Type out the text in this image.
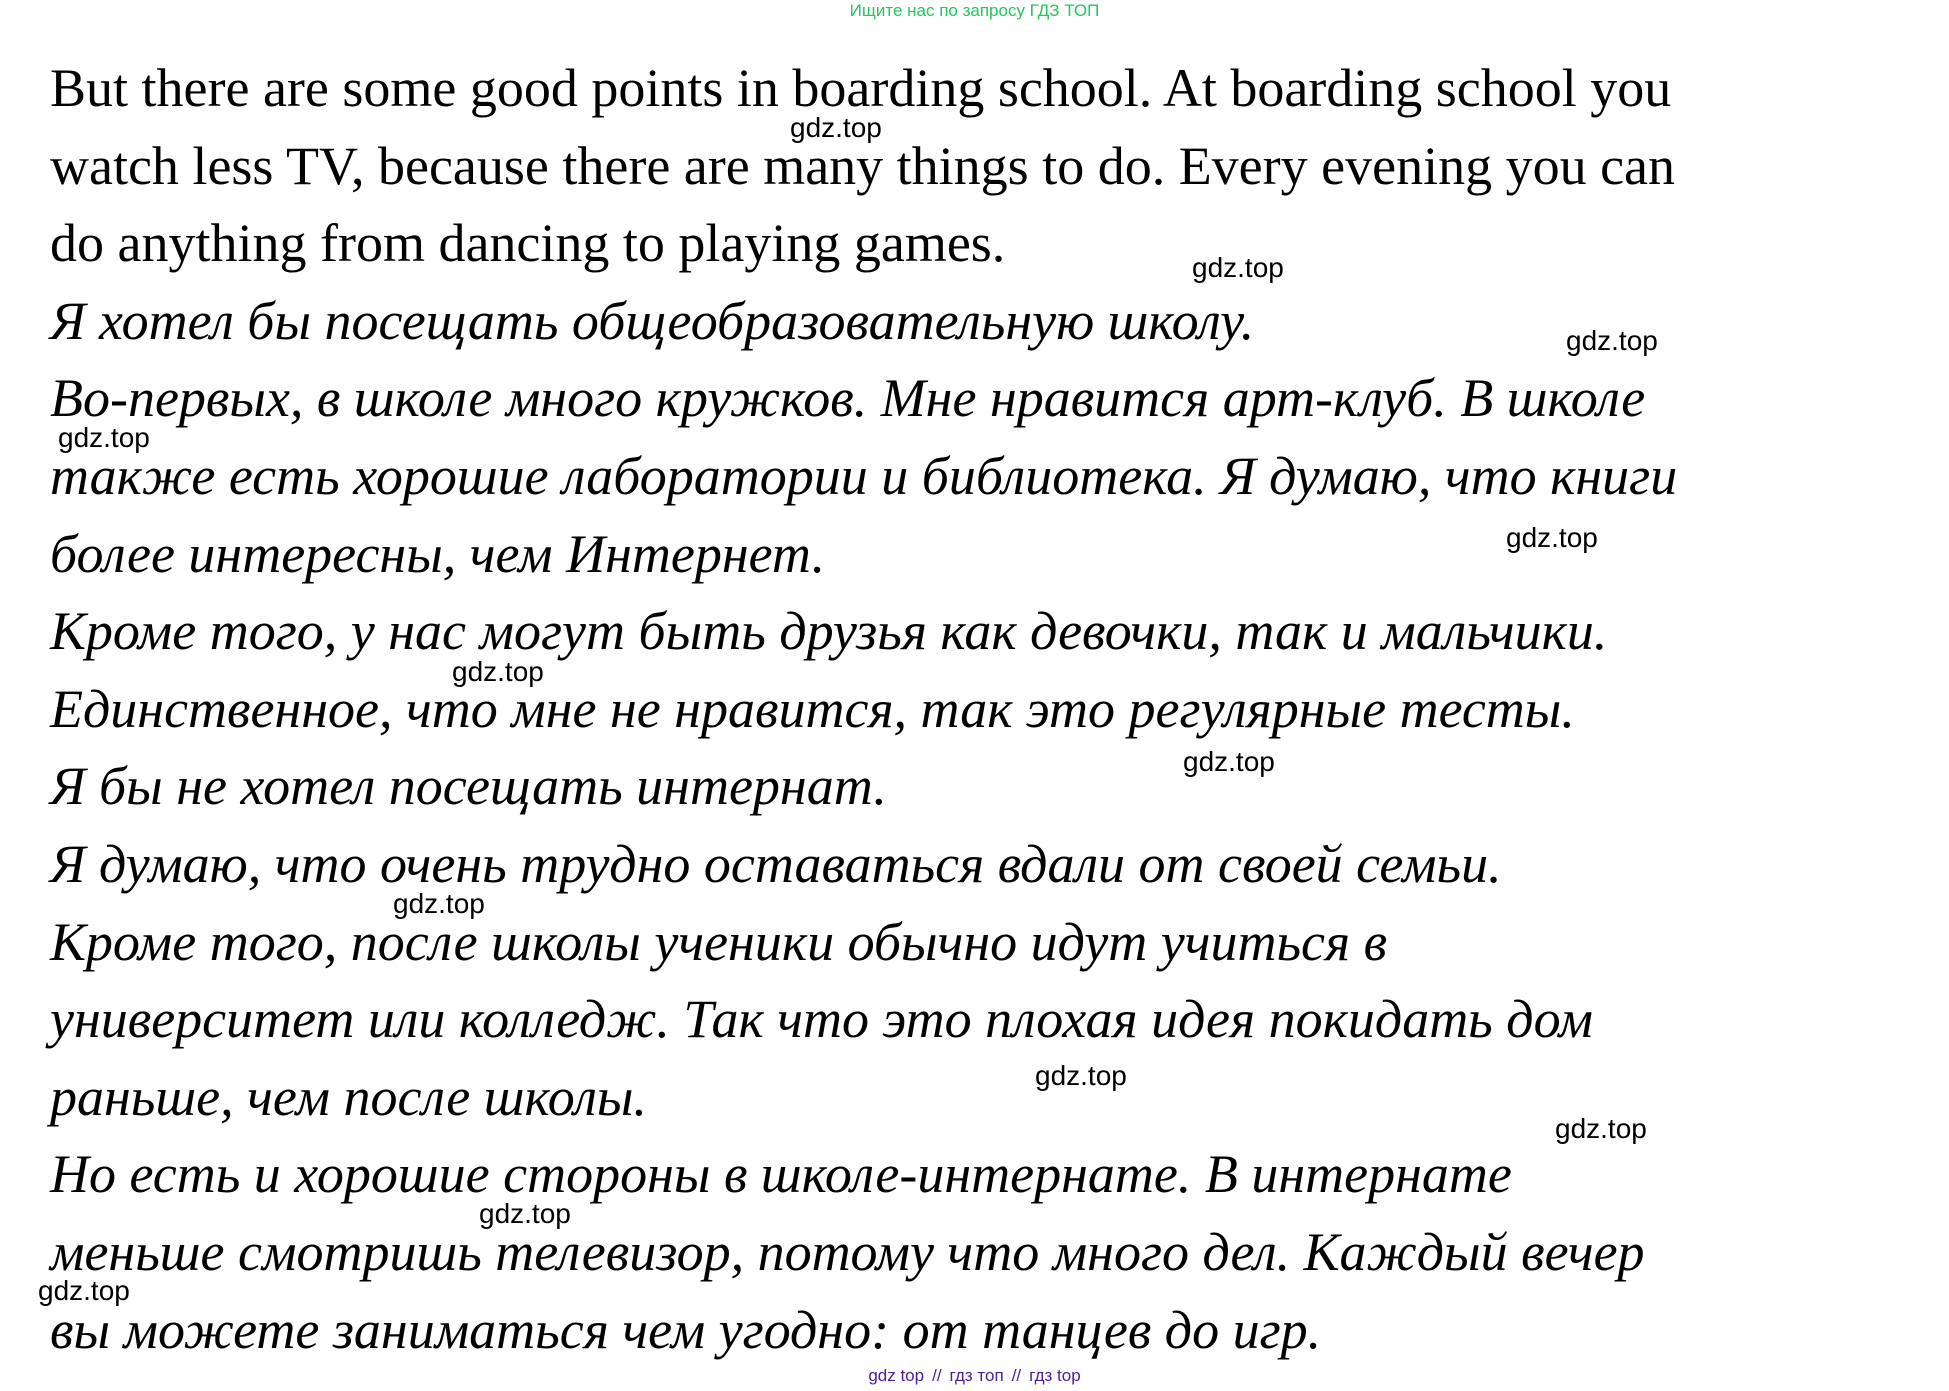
Ищите нас по запросу ГДЗ ТОП
But there are some good points in boarding school. At boarding school you
watch less TV, because there are many things to do. Every evening you can
do anything from dancing to playing games.
Я хотел бы посещать общеобразовательную школу.
Во-первых, в школе много кружков. Мне нравится арт-клуб. В школе
также есть хорошие лаборатории и библиотека. Я думаю, что книги
более интересны, чем Интернет.
Кроме того, у нас могут быть друзья как девочки, так и мальчики.
Единственное, что мне не нравится, так это регулярные тесты.
Я бы не хотел посещать интернат.
Я думаю, что очень трудно оставаться вдали от своей семьи.
Кроме того, после школы ученики обычно идут учиться в
университет или колледж. Так что это плохая идея покидать дом
раньше, чем после школы.
Но есть и хорошие стороны в школе-интернате. В интернате
меньше смотришь телевизор, потому что много дел. Каждый вечер
вы можете заниматься чем угодно: от танцев до игр.
gdz.top
gdz.top
gdz.top
gdz.top
gdz.top
gdz.top
gdz.top
gdz.top
gdz.top
gdz.top
gdz.top
gdz.top
gdz top // гдз топ // гдз top
